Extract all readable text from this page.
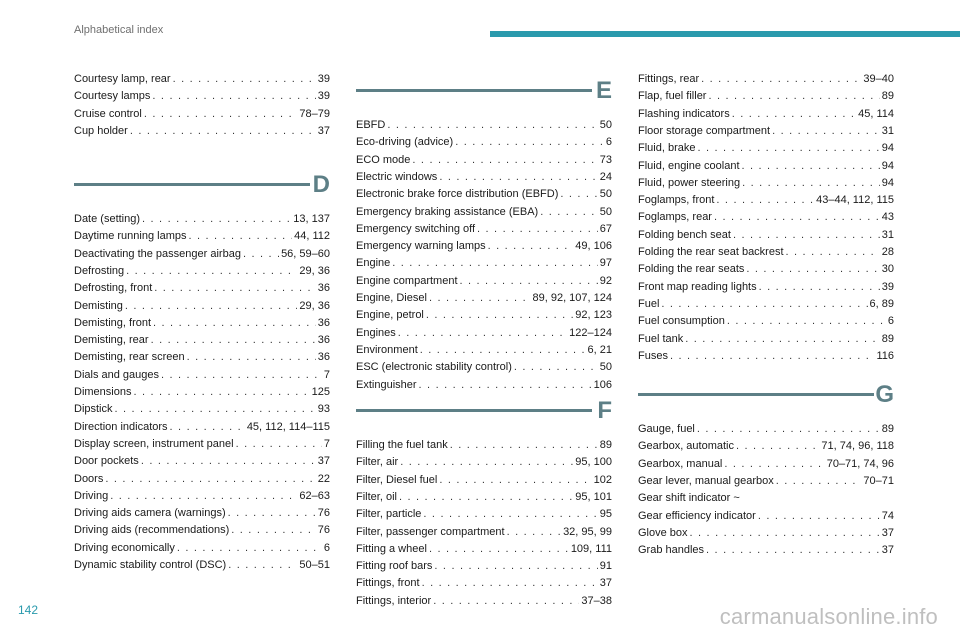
Alphabetical index
Courtesy lamp, rear . . .	39
Courtesy lamps . . .	39
Cruise control . . .	78–79
Cup holder . . .	37
D
Date (setting) . . .	13, 137
Daytime running lamps . . .	44, 112
Deactivating the passenger airbag . . .	56, 59–60
Defrosting . . .	29, 36
Defrosting, front . . .	36
Demisting . . .	29, 36
Demisting, front . . .	36
Demisting, rear . . .	36
Demisting, rear screen . . .	36
Dials and gauges . . .	7
Dimensions . . .	125
Dipstick . . .	93
Direction indicators . . .	45, 112, 114–115
Display screen, instrument panel . . .	7
Door pockets . . .	37
Doors . . .	22
Driving . . .	62–63
Driving aids camera (warnings) . . .	76
Driving aids (recommendations) . . .	76
Driving economically . . .	6
Dynamic stability control (DSC) . . .	50–51
E
EBFD . . .	50
Eco-driving (advice) . . .	6
ECO mode . . .	73
Electric windows . . .	24
Electronic brake force distribution (EBFD) . . .	50
Emergency braking assistance (EBA) . . .	50
Emergency switching off . . .	67
Emergency warning lamps . . .	49, 106
Engine . . .	97
Engine compartment . . .	92
Engine, Diesel . . .	89, 92, 107, 124
Engine, petrol . . .	92, 123
Engines . . .	122–124
Environment . . .	6, 21
ESC (electronic stability control) . . .	50
Extinguisher . . .	106
F
Filling the fuel tank . . .	89
Filter, air . . .	95, 100
Filter, Diesel fuel . . .	102
Filter, oil . . .	95, 101
Filter, particle . . .	95
Filter, passenger compartment . . .	32, 95, 99
Fitting a wheel . . .	109, 111
Fitting roof bars . . .	91
Fittings, front . . .	37
Fittings, interior . . .	37–38
Fittings, rear . . .	39–40
Flap, fuel filler . . .	89
Flashing indicators . . .	45, 114
Floor storage compartment . . .	31
Fluid, brake . . .	94
Fluid, engine coolant . . .	94
Fluid, power steering . . .	94
Foglamps, front . . .	43–44, 112, 115
Foglamps, rear . . .	43
Folding bench seat . . .	31
Folding the rear seat backrest . . .	28
Folding the rear seats . . .	30
Front map reading lights . . .	39
Fuel . . .	6, 89
Fuel consumption . . .	6
Fuel tank . . .	89
Fuses . . .	116
G
Gauge, fuel . . .	89
Gearbox, automatic . . .	71, 74, 96, 118
Gearbox, manual . . .	70–71, 74, 96
Gear lever, manual gearbox . . .	70–71
Gear shift indicator ~
Gear efficiency indicator . . .	74
Glove box . . .	37
Grab handles . . .	37
142	carmanualsonline.info
